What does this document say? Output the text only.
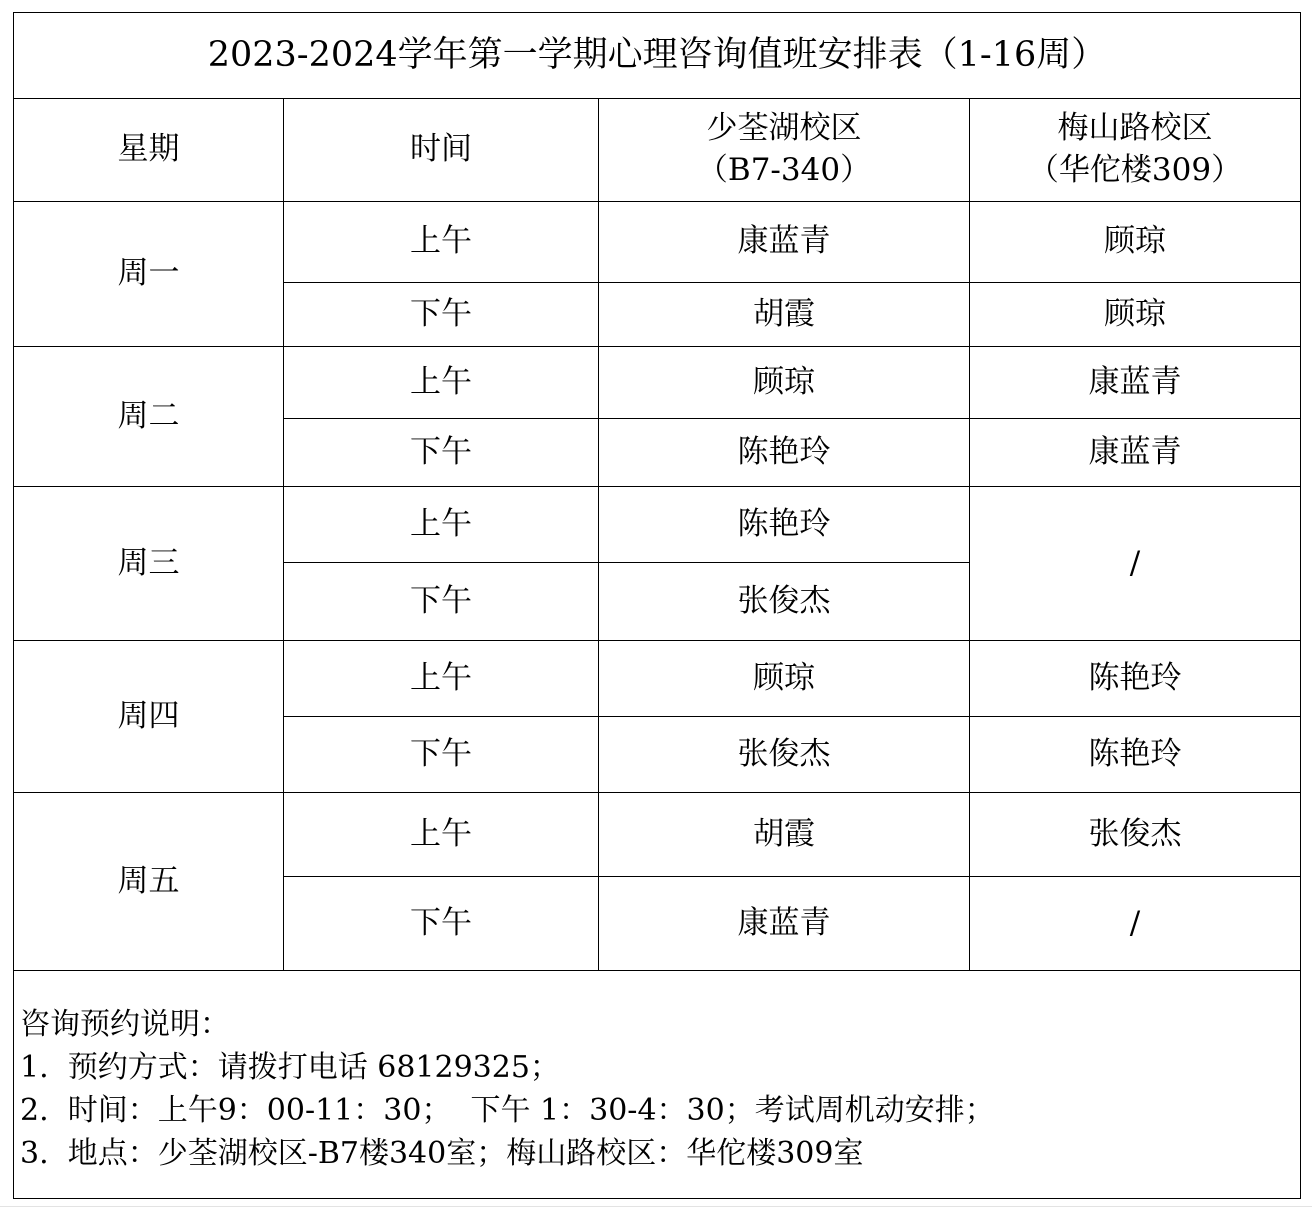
2023-2024学年第一学期心理咨询值班安排表（1-16周）
星期	时间
少荃湖校区
（B7-340）
梅山路校区
（华佗楼309）
周一
上午
下午
康蓝青
胡霞
顾琼
顾琼
周二
上午
下午
顾琼
陈艳玲
康蓝青
康蓝青
周三
上午
下午
陈艳玲
张俊杰
/
周四
上午
下午
顾琼
张俊杰
陈艳玲
陈艳玲
周五
上午
下午
胡霞
康蓝青
张俊杰
/
咨询预约说明：
1.  预约方式：请拨打电话 68129325；
2.  时间：上午9：00-11：30；  下午 1：30-4：30；考试周机动安排；
3.  地点：少荃湖校区-B7楼340室；梅山路校区：华佗楼309室
